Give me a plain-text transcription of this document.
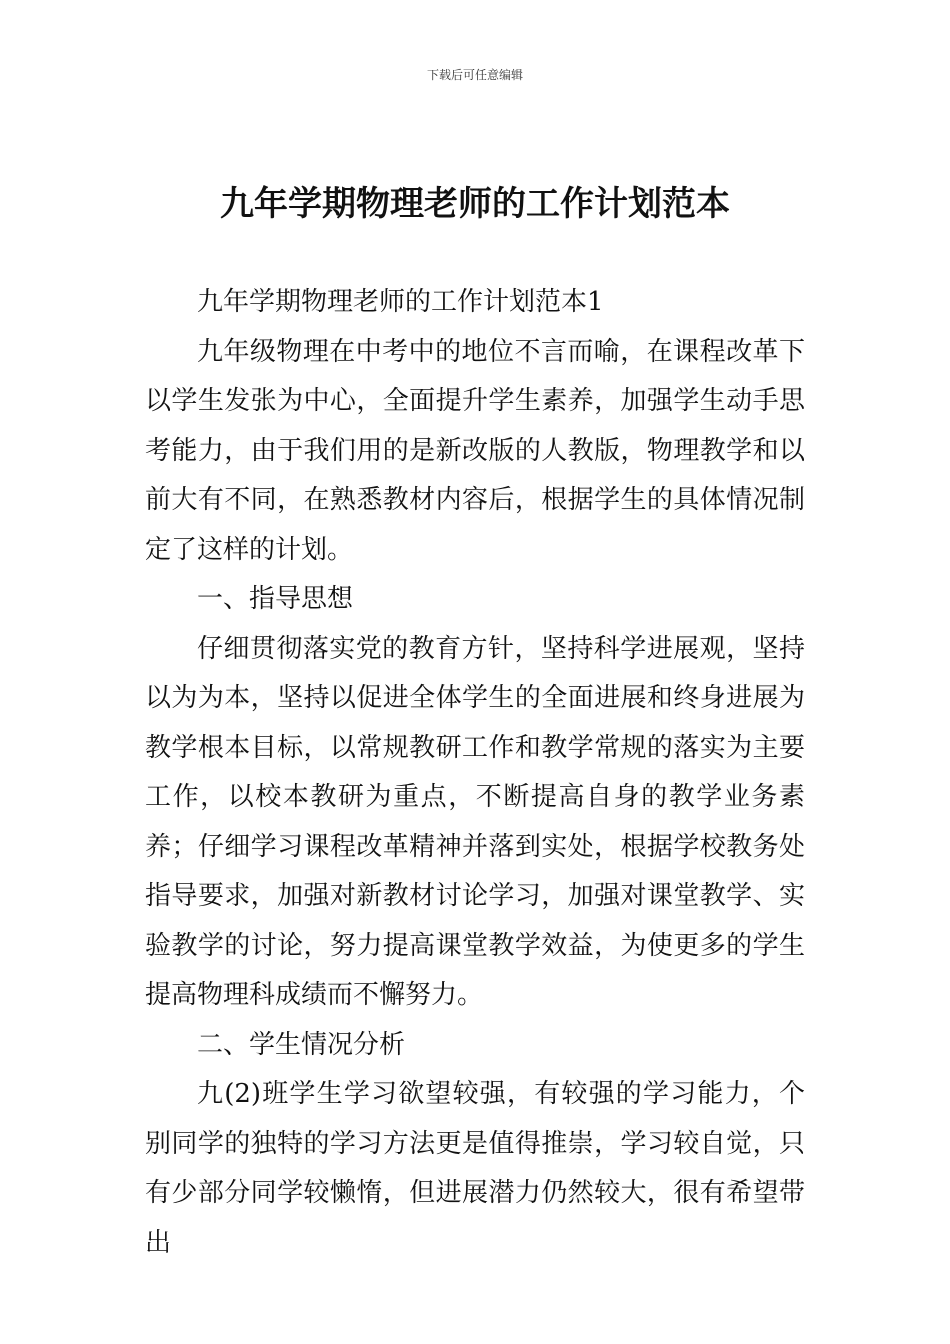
下载后可任意编辑
九年学期物理老师的工作计划范本

九年学期物理老师的工作计划范本1

九年级物理在中考中的地位不言而喻，在课程改革下以学生发张为中心，全面提升学生素养，加强学生动手思考能力，由于我们用的是新改版的人教版，物理教学和以前大有不同，在熟悉教材内容后，根据学生的具体情况制定了这样的计划。

一、指导思想

仔细贯彻落实党的教育方针，坚持科学进展观，坚持以为为本，坚持以促进全体学生的全面进展和终身进展为教学根本目标，以常规教研工作和教学常规的落实为主要工作，以校本教研为重点，不断提高自身的教学业务素养；仔细学习课程改革精神并落到实处，根据学校教务处指导要求，加强对新教材讨论学习，加强对课堂教学、实验教学的讨论，努力提高课堂教学效益，为使更多的学生提高物理科成绩而不懈努力。

二、学生情况分析

九(2)班学生学习欲望较强，有较强的学习能力，个别同学的独特的学习方法更是值得推崇，学习较自觉，只有少部分同学较懒惰，但进展潜力仍然较大，很有希望带出
